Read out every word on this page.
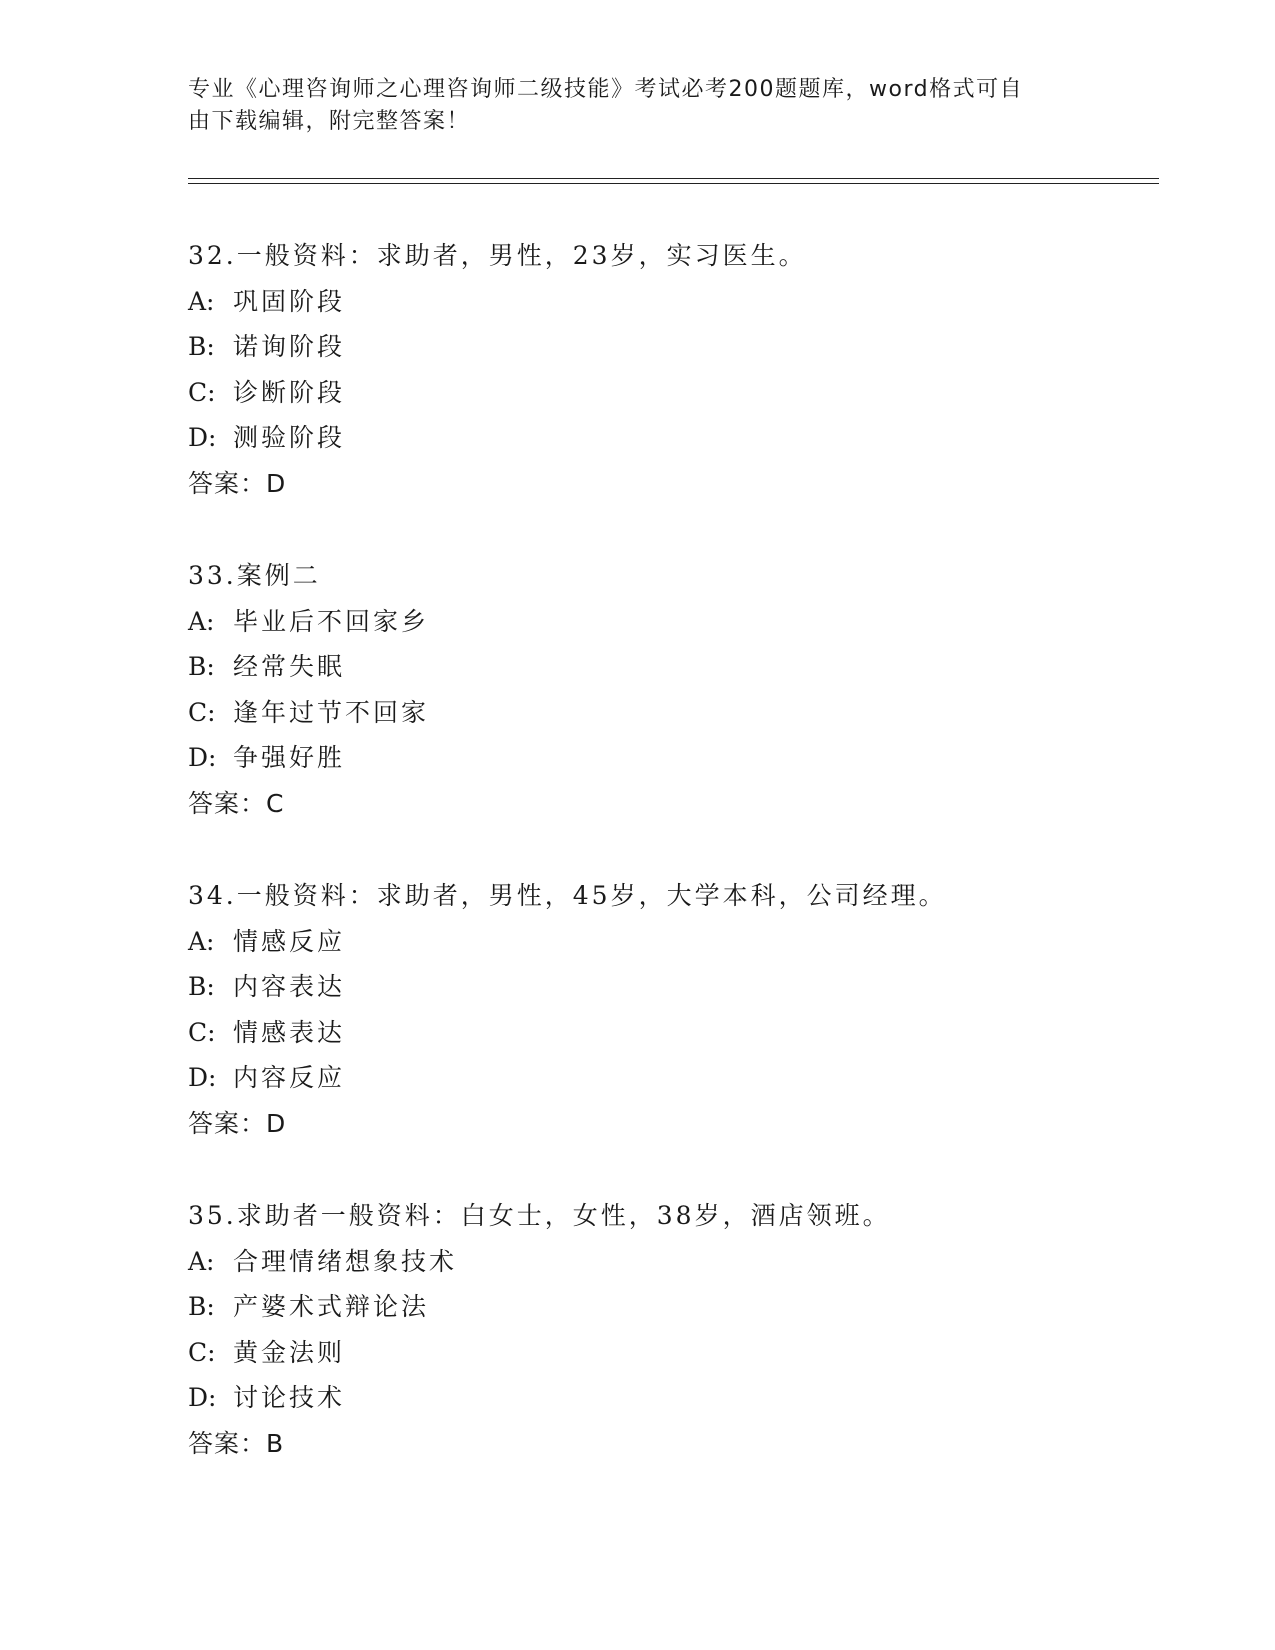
专业《心理咨询师之心理咨询师二级技能》考试必考200题题库，word格式可自
由下载编辑，附完整答案！
32.一般资料：求助者，男性，23岁，实习医生。
A: 巩固阶段
B: 诺询阶段
C: 诊断阶段
D: 测验阶段
答案：D
33.案例二
A: 毕业后不回家乡
B: 经常失眠
C: 逢年过节不回家
D: 争强好胜
答案：C
34.一般资料：求助者，男性，45岁，大学本科，公司经理。
A: 情感反应
B: 内容表达
C: 情感表达
D: 内容反应
答案：D
35.求助者一般资料：白女士，女性，38岁，酒店领班。
A: 合理情绪想象技术
B: 产婆术式辩论法
C: 黄金法则
D: 讨论技术
答案：B
